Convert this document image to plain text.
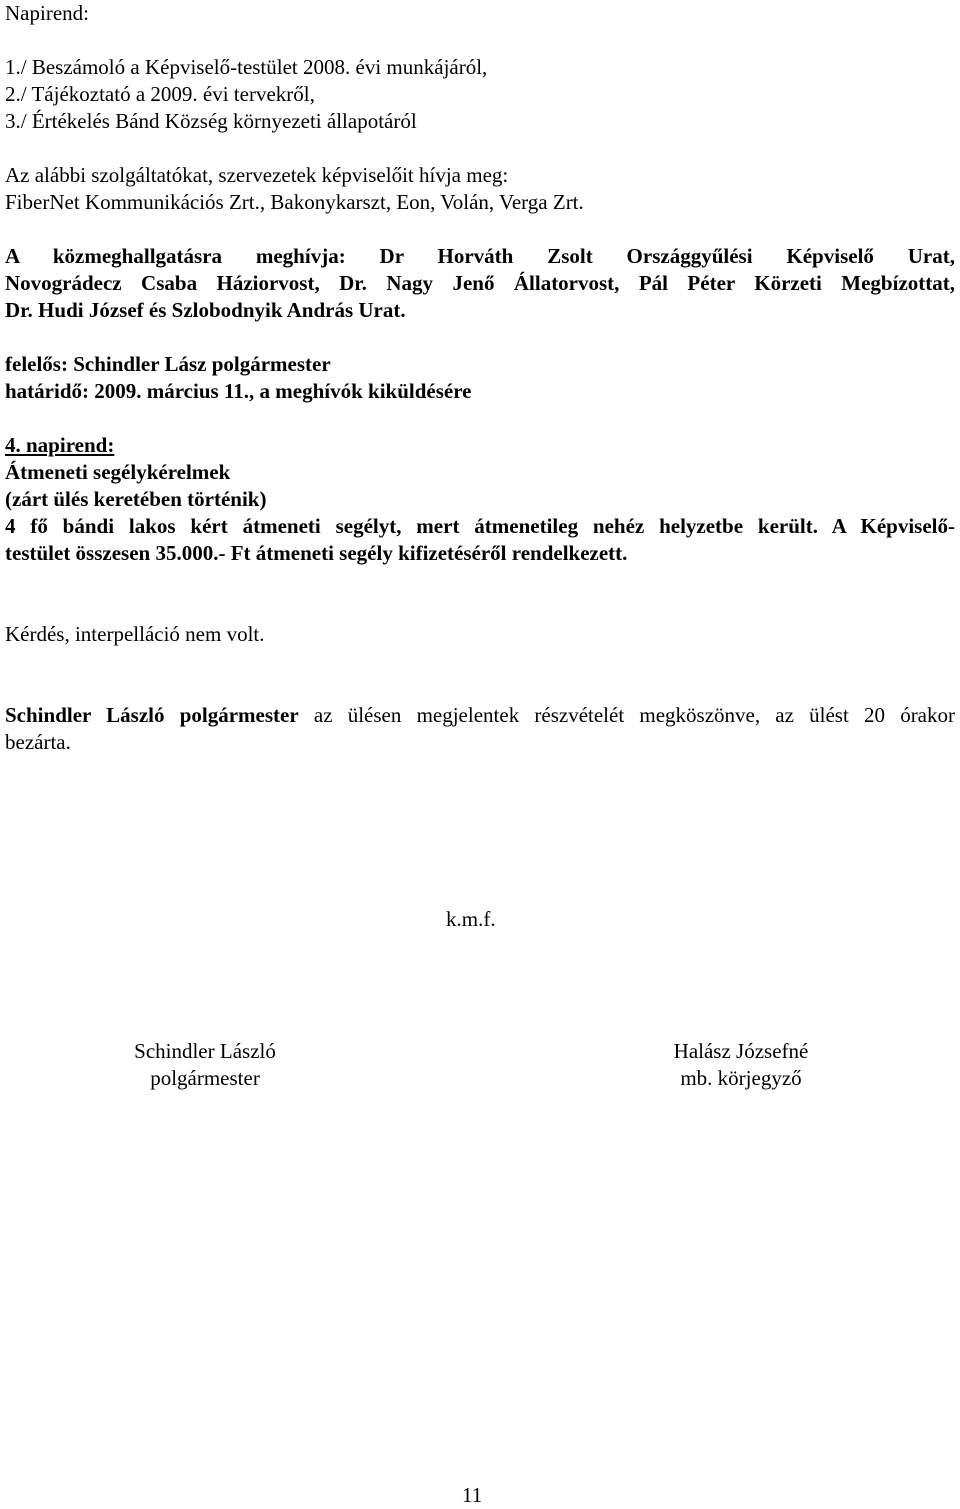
Napirend:

1./ Beszámoló a Képviselő-testület 2008. évi munkájáról,

2./ Tájékoztató a 2009. évi tervekről,

3./ Értékelés Bánd Község környezeti állapotáról

Az alábbi szolgáltatókat, szervezetek képviselőit hívja meg:

FiberNet Kommunikációs Zrt., Bakonykarszt, Eon, Volán, Verga Zrt.

A közmeghallgatásra meghívja: Dr Horváth Zsolt Országgyűlési Képviselő Urat,

Novográdecz Csaba Háziorvost, Dr. Nagy Jenő Állatorvost, Pál Péter Körzeti Megbízottat,

Dr. Hudi József és Szlobodnyik András Urat.

felelős: Schindler Lász polgármester

határidő: 2009. március 11., a meghívók kiküldésére

4. napirend:

Átmeneti segélykérelmek

(zárt ülés keretében történik)

4 fő bándi lakos kért átmeneti segélyt, mert átmenetileg nehéz helyzetbe került. A Képviselő-

testület összesen 35.000.- Ft átmeneti segély kifizetéséről rendelkezett.

Kérdés, interpelláció nem volt.

Schindler László polgármester az ülésen megjelentek részvételét megköszönve, az ülést 20 órakor

bezárta.

k.m.f.

Schindler László

polgármester

Halász Józsefné

mb. körjegyző

11
